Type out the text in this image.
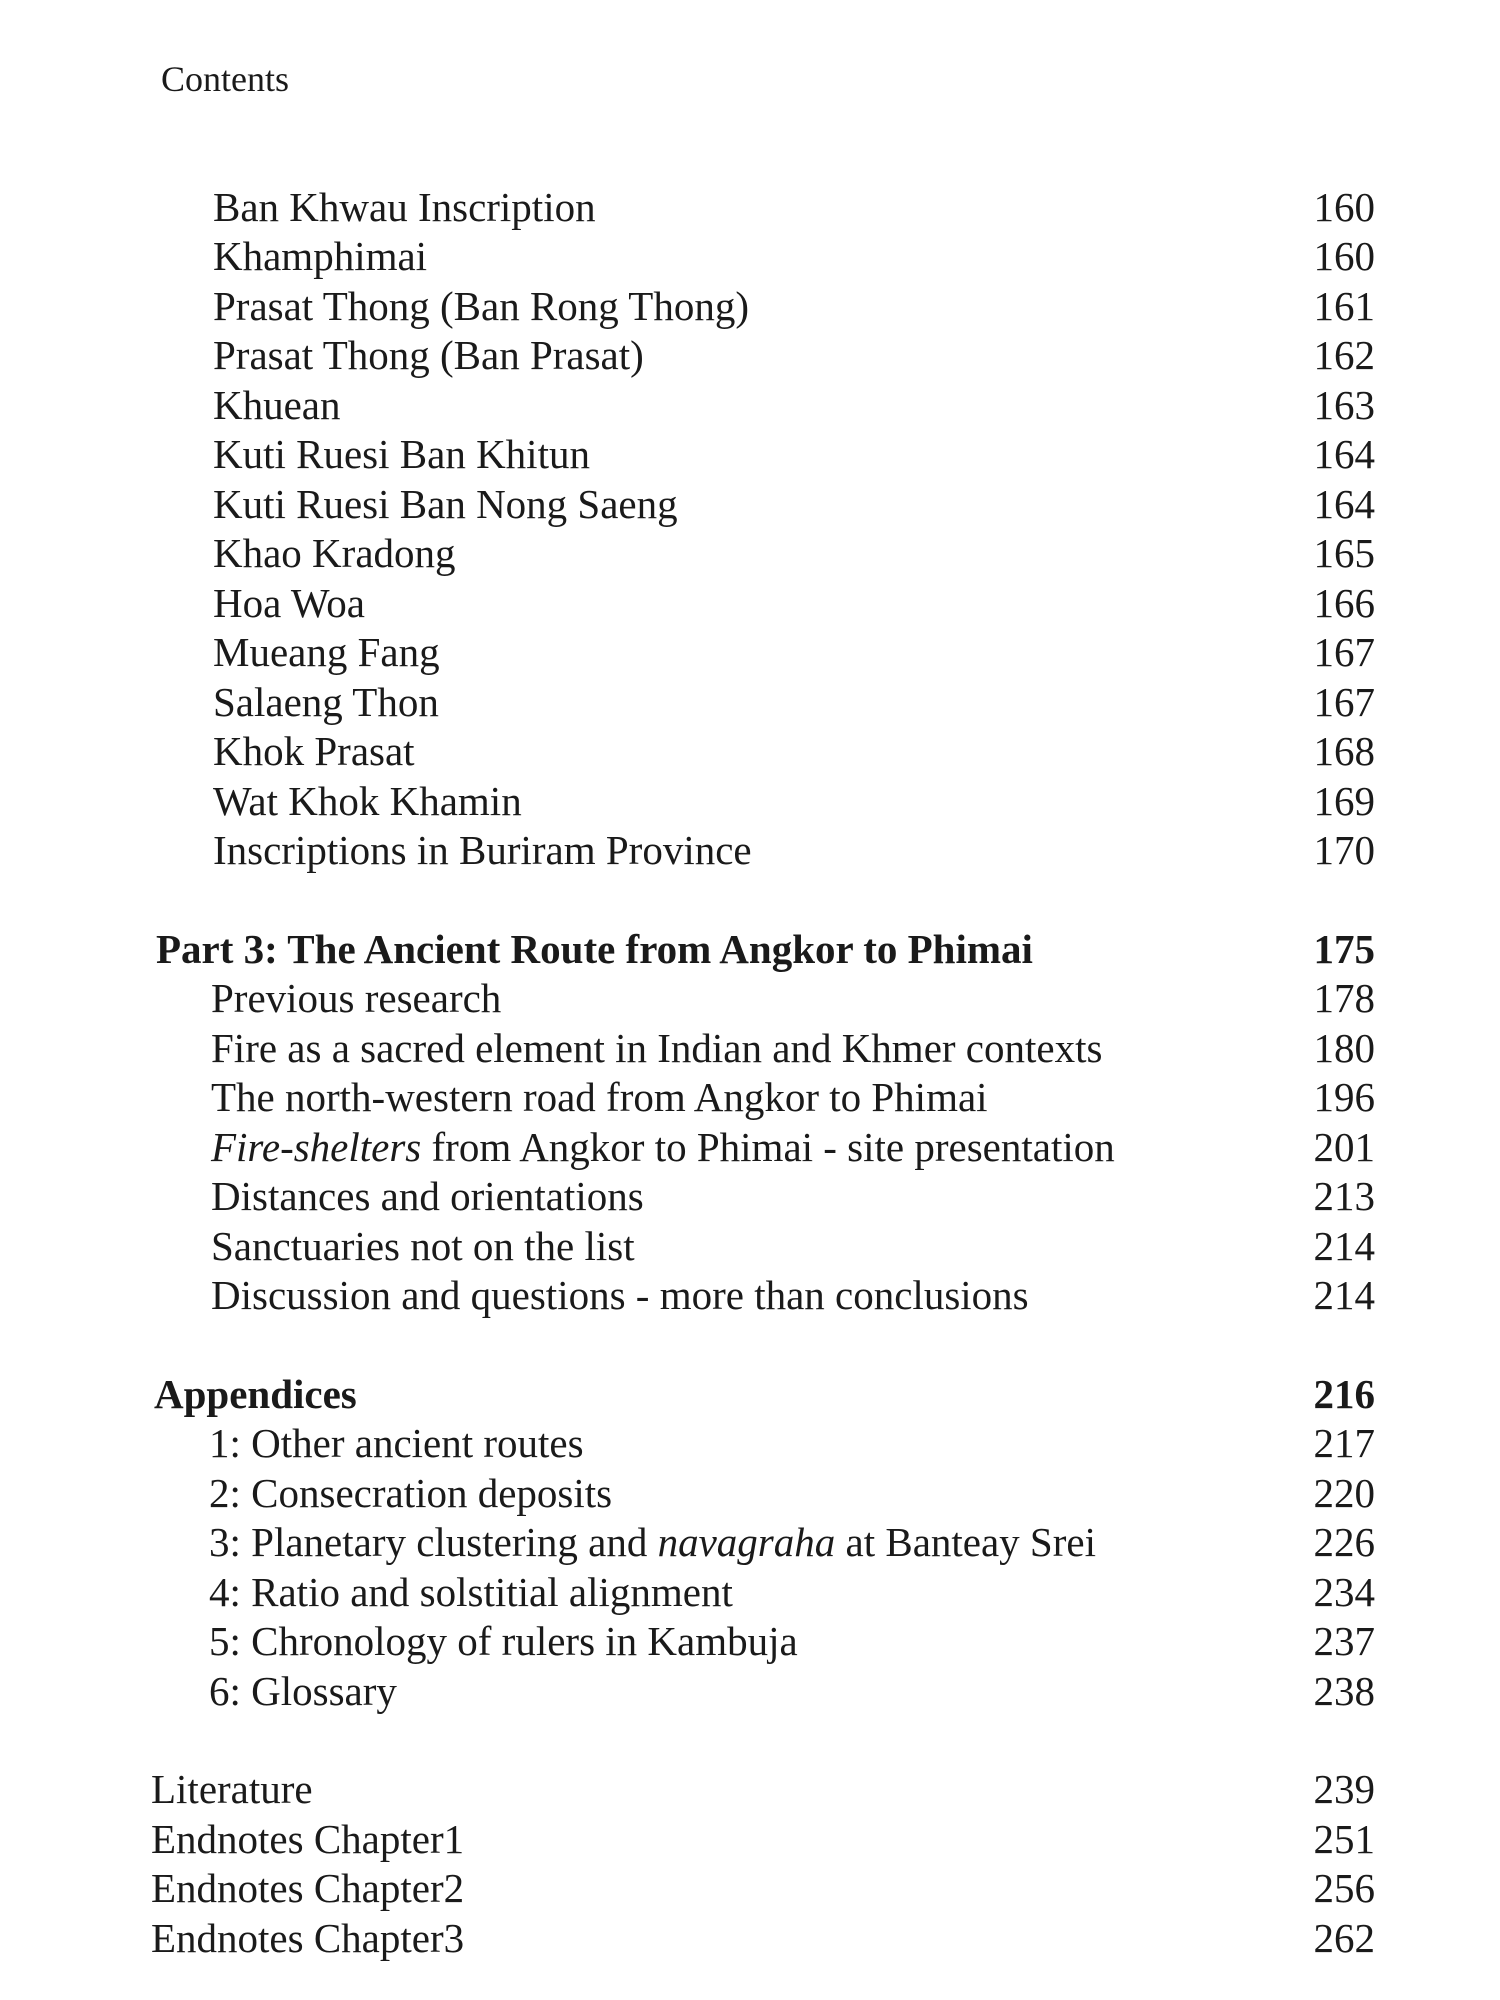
Contents
Ban Khwau Inscription	160
Khamphimai	160
Prasat Thong (Ban Rong Thong)	161
Prasat Thong (Ban Prasat)	162
Khuean	163
Kuti Ruesi Ban Khitun	164
Kuti Ruesi Ban Nong Saeng	164
Khao Kradong	165
Hoa Woa	166
Mueang Fang	167
Salaeng Thon	167
Khok Prasat	168
Wat Khok Khamin	169
Inscriptions in Buriram Province	170
Part 3: The Ancient Route from Angkor to Phimai	175
Previous research	178
Fire as a sacred element in Indian and Khmer contexts	180
The north-western road from Angkor to Phimai	196
Fire-shelters from Angkor to Phimai - site presentation	201
Distances and orientations	213
Sanctuaries not on the list	214
Discussion and questions - more than conclusions	214
Appendices	216
1: Other ancient routes	217
2: Consecration deposits	220
3: Planetary clustering and navagraha at Banteay Srei	226
4: Ratio and solstitial alignment	234
5: Chronology of rulers in Kambuja	237
6: Glossary	238
Literature	239
Endnotes Chapter1	251
Endnotes Chapter2	256
Endnotes Chapter3	262
